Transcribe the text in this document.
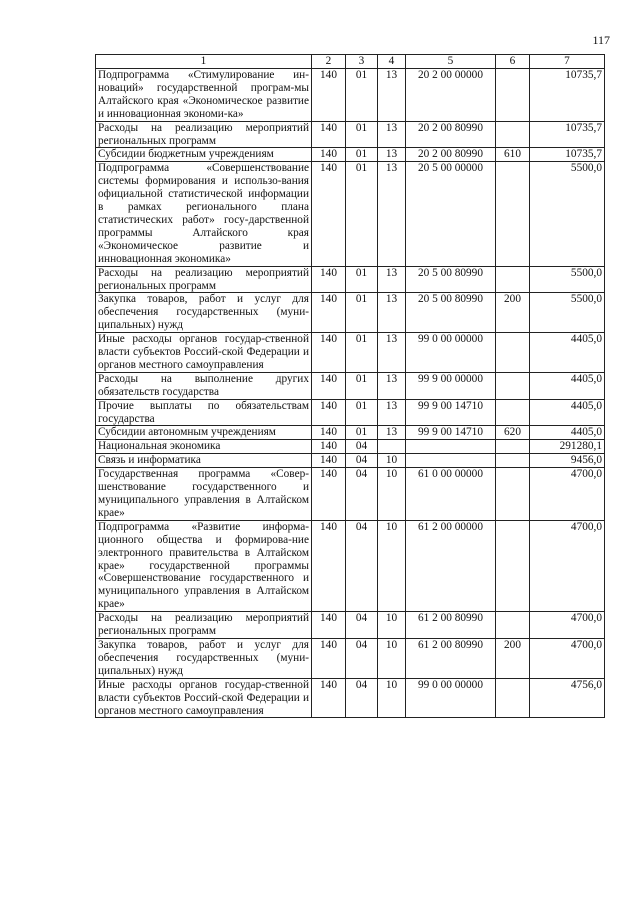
117
1	2	3	4	5	6	7
Подпрограмма «Стимулирование ин-новаций» государственной програм-мы Алтайского края «Экономическое развитие и инновационная экономи-ка»	140	01	13	20 2 00 00000		10735,7
Расходы на реализацию мероприятий региональных программ	140	01	13	20 2 00 80990		10735,7
Субсидии бюджетным учреждениям	140	01	13	20 2 00 80990	610	10735,7
Подпрограмма «Совершенствование системы формирования и использо-вания официальной статистической информации в рамках регионального плана статистических работ» госу-дарственной программы Алтайского края «Экономическое развитие и инновационная экономика»	140	01	13	20 5 00 00000		5500,0
Расходы на реализацию мероприятий региональных программ	140	01	13	20 5 00 80990		5500,0
Закупка товаров, работ и услуг для обеспечения государственных (муни-ципальных) нужд	140	01	13	20 5 00 80990	200	5500,0
Иные расходы органов государ-ственной власти субъектов Россий-ской Федерации и органов местного самоуправления	140	01	13	99 0 00 00000		4405,0
Расходы на выполнение других обязательств государства	140	01	13	99 9 00 00000		4405,0
Прочие выплаты по обязательствам государства	140	01	13	99 9 00 14710		4405,0
Субсидии автономным учреждениям	140	01	13	99 9 00 14710	620	4405,0
Национальная экономика	140	04				291280,1
Связь и информатика	140	04	10			9456,0
Государственная программа «Совер-шенствование государственного и муниципального управления в Алтайском крае»	140	04	10	61 0 00 00000		4700,0
Подпрограмма «Развитие информа-ционного общества и формирова-ние электронного правительства в Алтайском крае» государственной программы «Совершенствование государственного и муниципального управления в Алтайском крае»	140	04	10	61 2 00 00000		4700,0
Расходы на реализацию мероприятий региональных программ	140	04	10	61 2 00 80990		4700,0
Закупка товаров, работ и услуг для обеспечения государственных (муни-ципальных) нужд	140	04	10	61 2 00 80990	200	4700,0
Иные расходы органов государ-ственной власти субъектов Россий-ской Федерации и органов местного самоуправления	140	04	10	99 0 00 00000		4756,0
